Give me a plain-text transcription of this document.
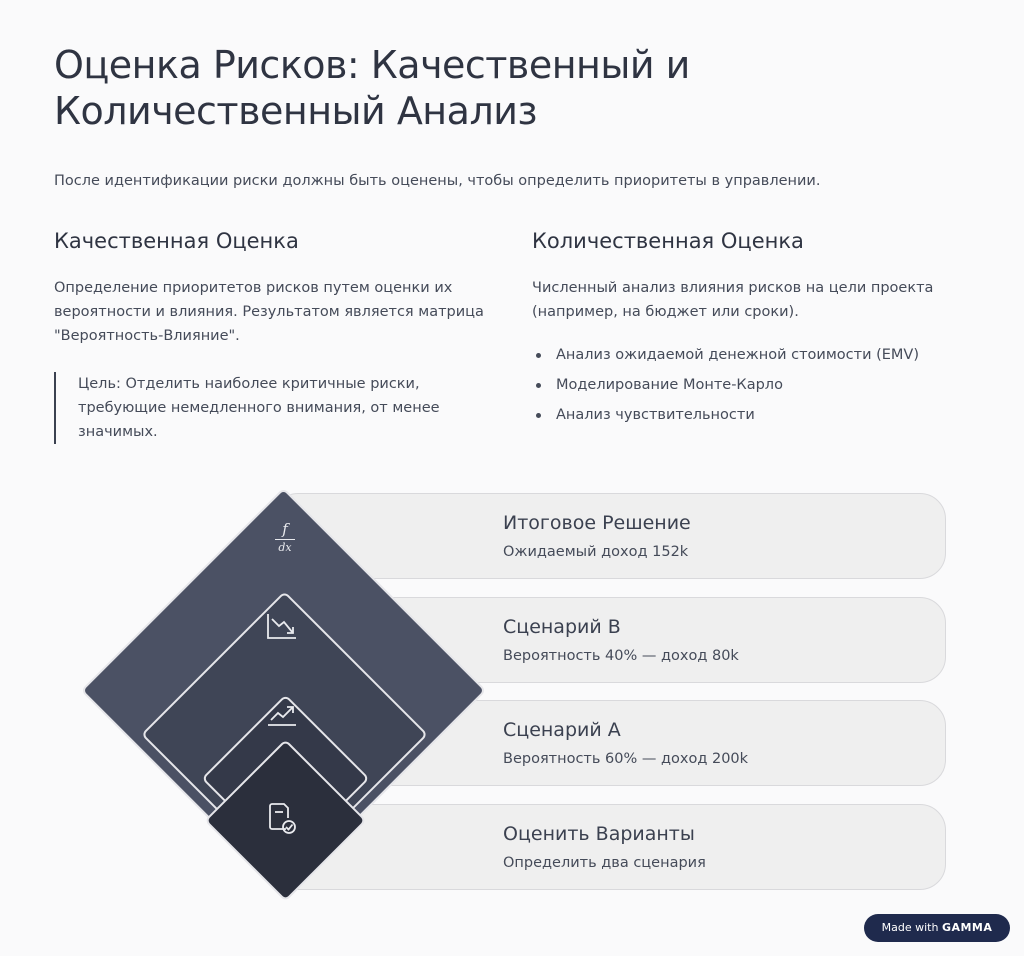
Оценка Рисков: Качественный и Количественный Анализ
После идентификации риски должны быть оценены, чтобы определить приоритеты в управлении.
Качественная Оценка

Определение приоритетов рисков путем оценки их вероятности и влияния. Результатом является матрица "Вероятность-Влияние".

Цель: Отделить наиболее критичные риски, требующие немедленного внимания, от менее значимых.
Количественная Оценка

Численный анализ влияния рисков на цели проекта (например, на бюджет или сроки).

Анализ ожидаемой денежной стоимости (EMV)
Моделирование Монте-Карло
Анализ чувствительности
Итоговое Решение
Ожидаемый доход 152k
Сценарий B
Вероятность 40% — доход 80k
Сценарий A
Вероятность 60% — доход 200k
Оценить Варианты
Определить два сценария
f
dx
Made with GAMMA
